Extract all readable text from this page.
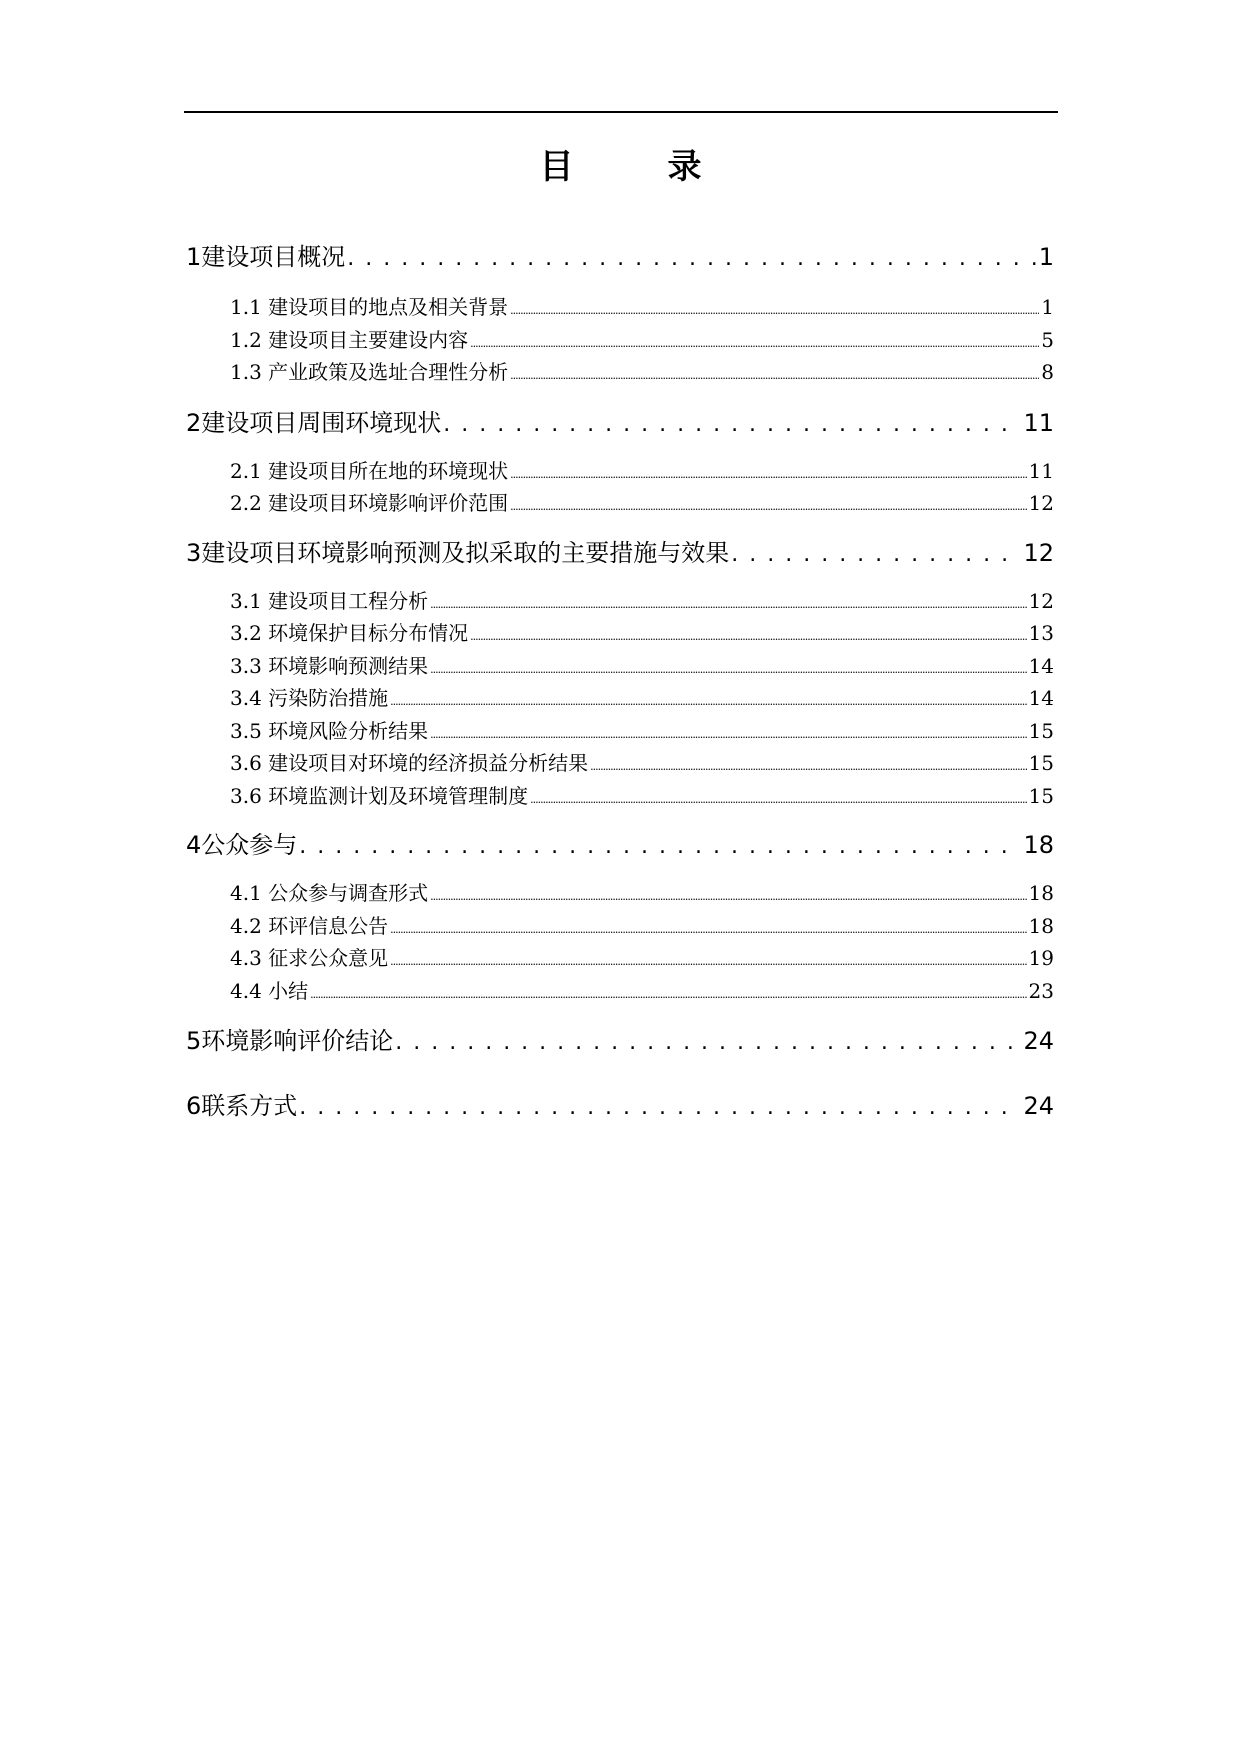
目　录
1 建设项目概况 . . .	1
1.1 建设项目的地点及相关背景 .....	1
1.2 建设项目主要建设内容 .....	5
1.3 产业政策及选址合理性分析 .....	8
2 建设项目周围环境现状 . . .	11
2.1 建设项目所在地的环境现状 .....	11
2.2 建设项目环境影响评价范围 .....	12
3 建设项目环境影响预测及拟采取的主要措施与效果 . . .	12
3.1 建设项目工程分析 .....	12
3.2 环境保护目标分布情况 .....	13
3.3 环境影响预测结果 .....	14
3.4 污染防治措施 .....	14
3.5 环境风险分析结果 .....	15
3.6 建设项目对环境的经济损益分析结果 .....	15
3.6 环境监测计划及环境管理制度 .....	15
4 公众参与 . . .	18
4.1 公众参与调查形式 .....	18
4.2 环评信息公告 .....	18
4.3 征求公众意见 .....	19
4.4 小结 .....	23
5 环境影响评价结论 . . .	24
6 联系方式 . . .	24
